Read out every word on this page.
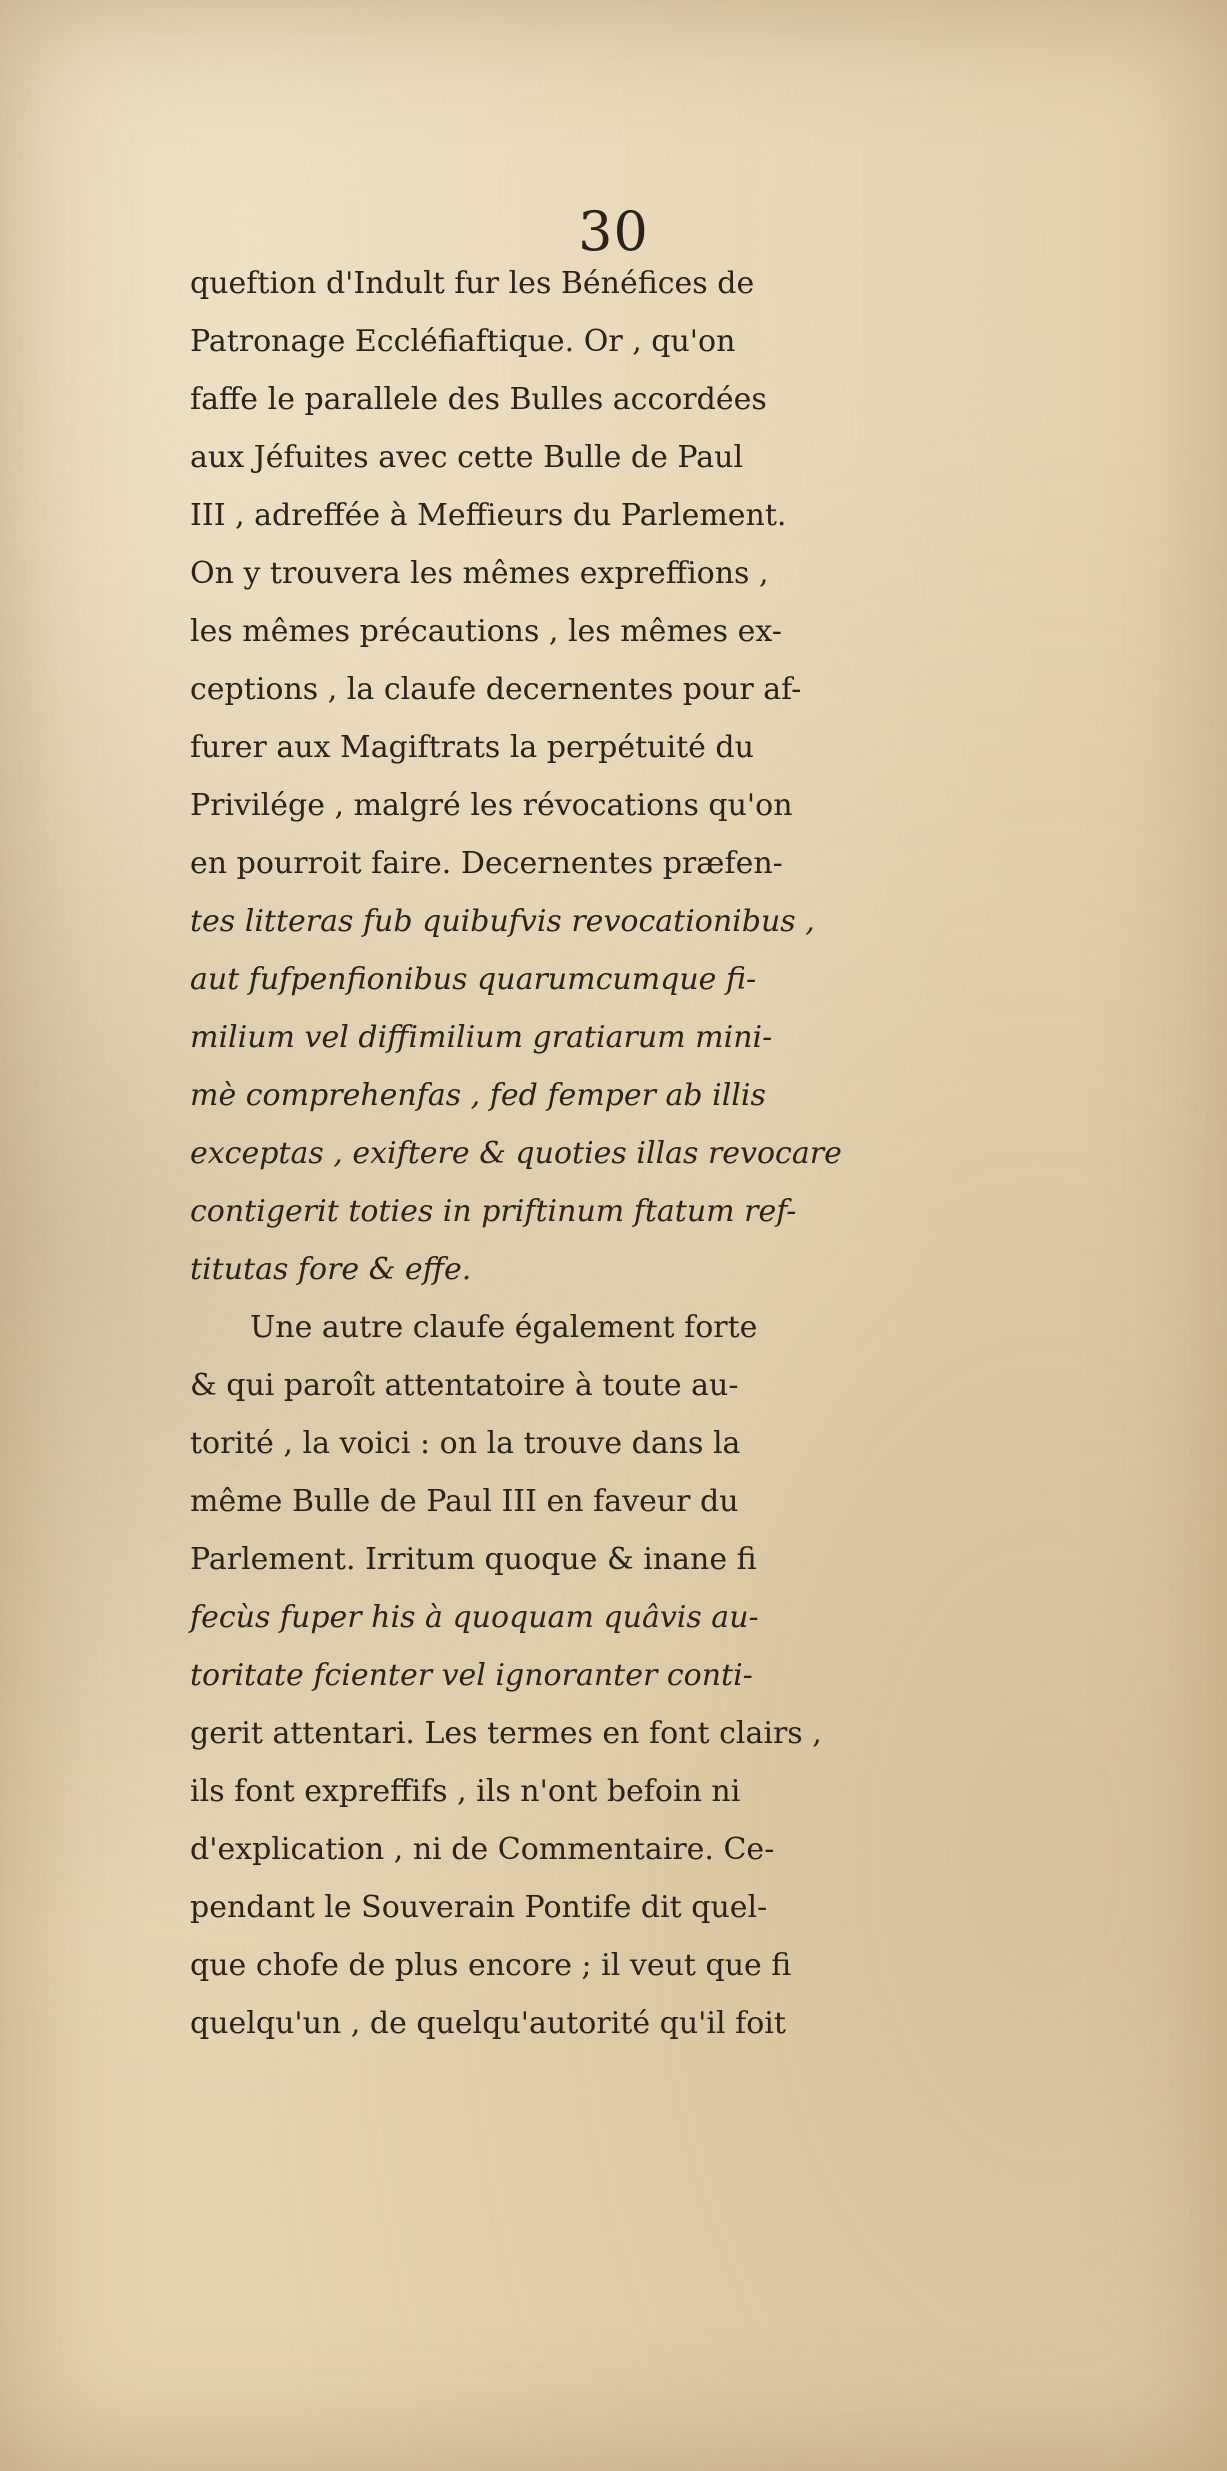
30

queftion d'Indult fur les Bénéfices de
Patronage Eccléfiaftique. Or , qu'on
faffe le parallele des Bulles accordées
aux Jéfuites avec cette Bulle de Paul
III , adreffée à Meffieurs du Parlement.
On y trouvera les mêmes expreffions ,
les mêmes précautions , les mêmes ex-
ceptions , la claufe decernentes pour af-
furer aux Magiftrats la perpétuité du
Privilége , malgré les révocations qu'on
en pourroit faire. Decernentes præfen-
tes litteras fub quibufvis revocationibus ,
aut fufpenfionibus quarumcumque fi-
milium vel diffimilium gratiarum mini-
mè comprehenfas , fed femper ab illis
exceptas , exiftere & quoties illas revocare
contigerit toties in priftinum ftatum ref-
titutas fore & effe.
Une autre claufe également forte
& qui paroît attentatoire à toute au-
torité , la voici : on la trouve dans la
même Bulle de Paul III en faveur du
Parlement. Irritum quoque & inane fi
fecùs fuper his à quoquam quâvis au-
toritate fcienter vel ignoranter conti-
gerit attentari. Les termes en font clairs ,
ils font expreffifs , ils n'ont befoin ni
d'explication , ni de Commentaire. Ce-
pendant le Souverain Pontife dit quel-
que chofe de plus encore ; il veut que fi
quelqu'un , de quelqu'autorité qu'il foit
